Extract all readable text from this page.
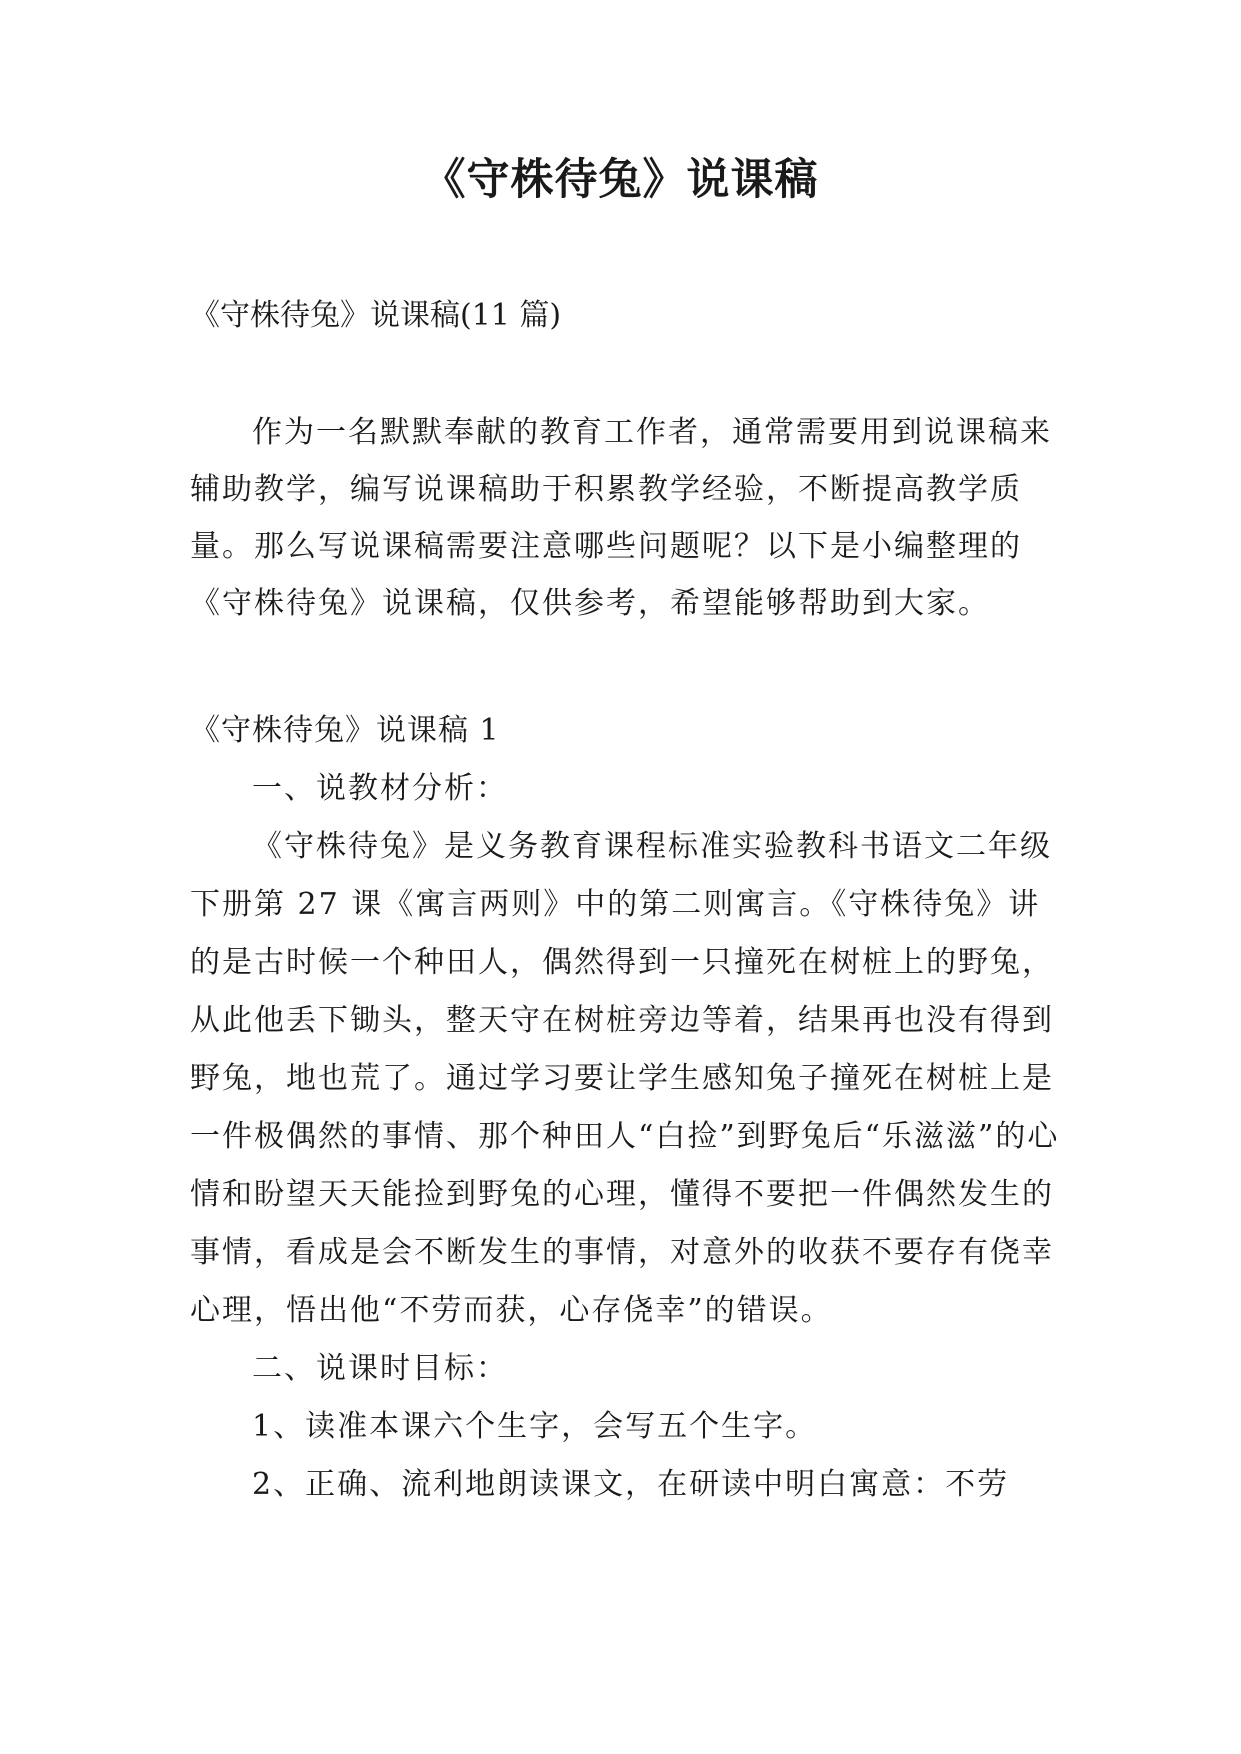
《守株待兔》说课稿
《守株待兔》说课稿(11 篇)

作为一名默默奉献的教育工作者，通常需要用到说课稿来辅助教学，编写说课稿助于积累教学经验，不断提高教学质量。那么写说课稿需要注意哪些问题呢？以下是小编整理的《守株待兔》说课稿，仅供参考，希望能够帮助到大家。

《守株待兔》说课稿 1

一、说教材分析：

《守株待兔》是义务教育课程标准实验教科书语文二年级下册第 27 课《寓言两则》中的第二则寓言。《守株待兔》讲的是古时候一个种田人，偶然得到一只撞死在树桩上的野兔，从此他丢下锄头，整天守在树桩旁边等着，结果再也没有得到野兔，地也荒了。通过学习要让学生感知兔子撞死在树桩上是一件极偶然的事情、那个种田人“白捡”到野兔后“乐滋滋”的心情和盼望天天能捡到野兔的心理，懂得不要把一件偶然发生的事情，看成是会不断发生的事情，对意外的收获不要存有侥幸心理，悟出他“不劳而获，心存侥幸”的错误。

二、说课时目标：

1、读准本课六个生字，会写五个生字。

2、正确、流利地朗读课文，在研读中明白寓意：不劳
